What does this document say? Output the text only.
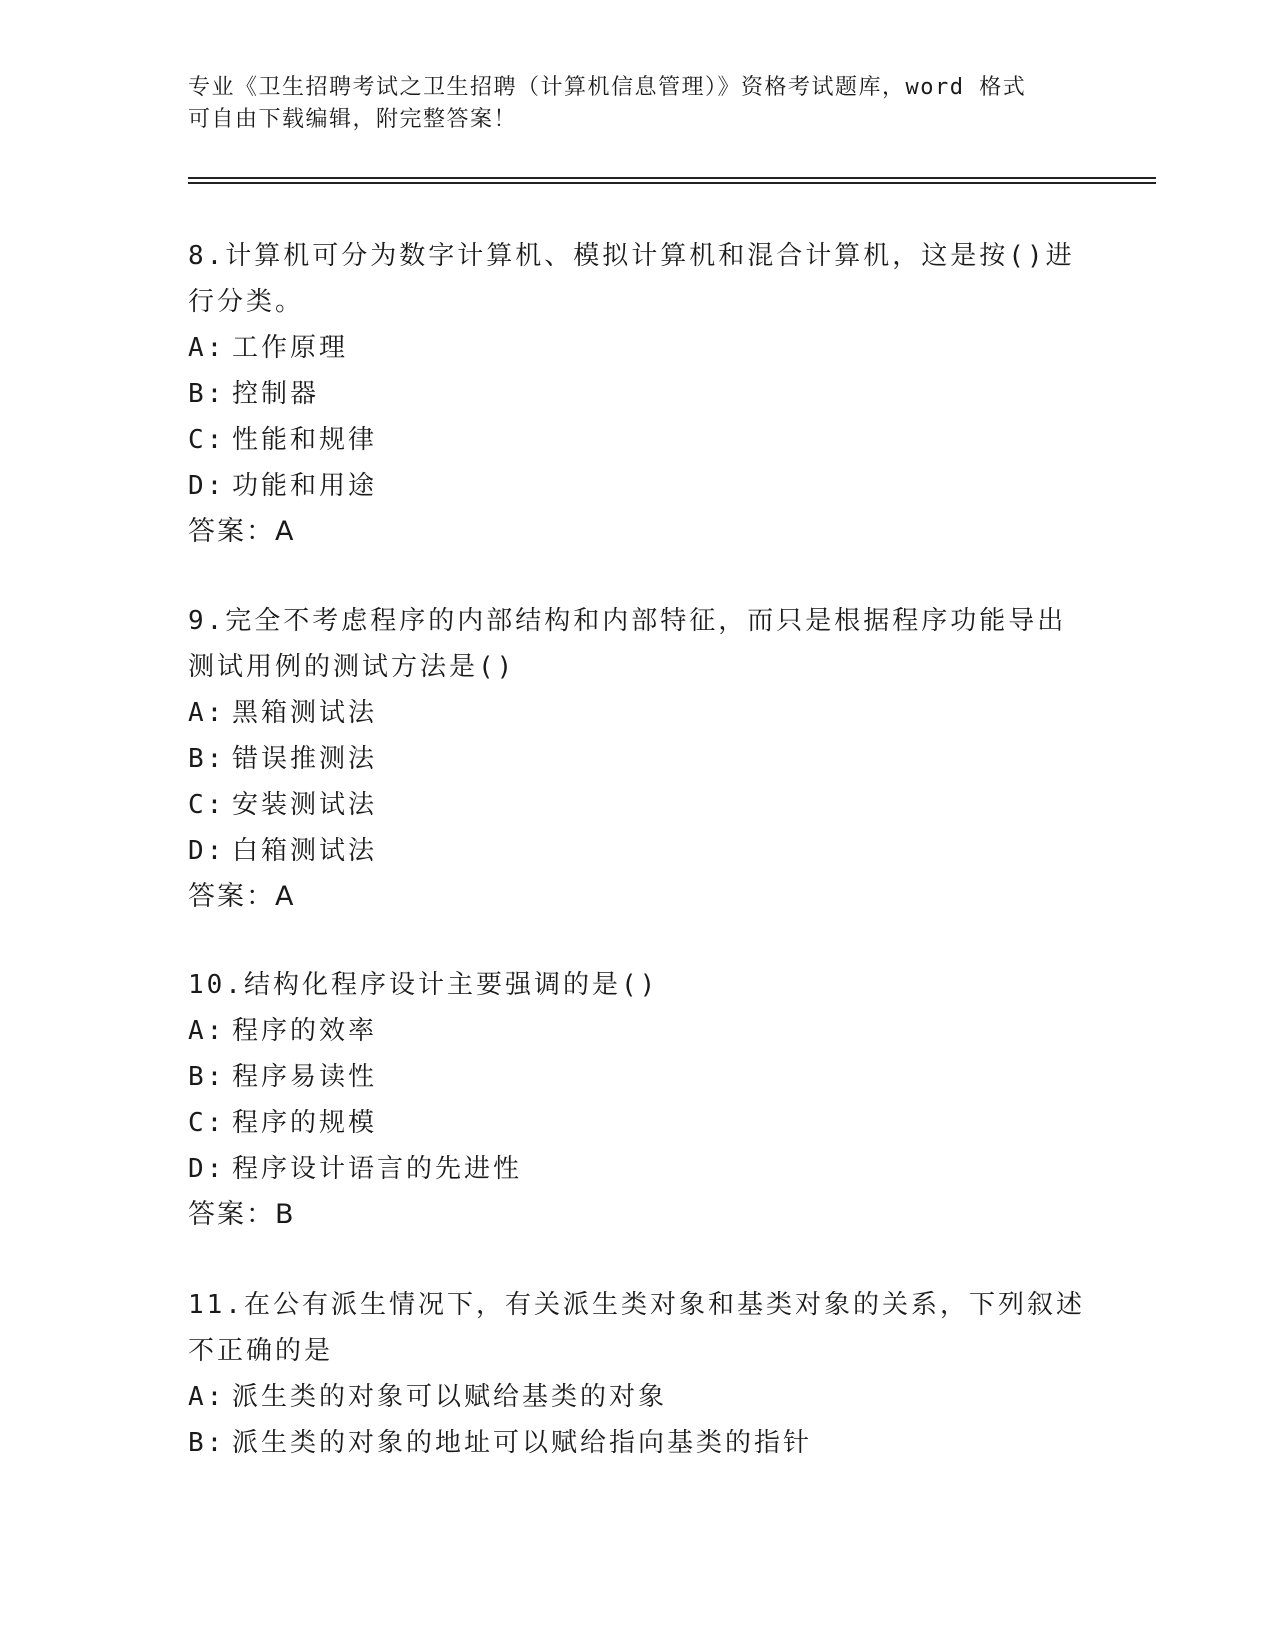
专业《卫生招聘考试之卫生招聘（计算机信息管理）》资格考试题库，word 格式
可自由下载编辑，附完整答案！
8.计算机可分为数字计算机、模拟计算机和混合计算机，这是按()进
行分类。
A: 工作原理
B: 控制器
C: 性能和规律
D: 功能和用途
答案：A
9.完全不考虑程序的内部结构和内部特征，而只是根据程序功能导出
测试用例的测试方法是()
A: 黑箱测试法
B: 错误推测法
C: 安装测试法
D: 白箱测试法
答案：A
10.结构化程序设计主要强调的是()
A: 程序的效率
B: 程序易读性
C: 程序的规模
D: 程序设计语言的先进性
答案：B
11.在公有派生情况下，有关派生类对象和基类对象的关系，下列叙述
不正确的是
A: 派生类的对象可以赋给基类的对象
B: 派生类的对象的地址可以赋给指向基类的指针
